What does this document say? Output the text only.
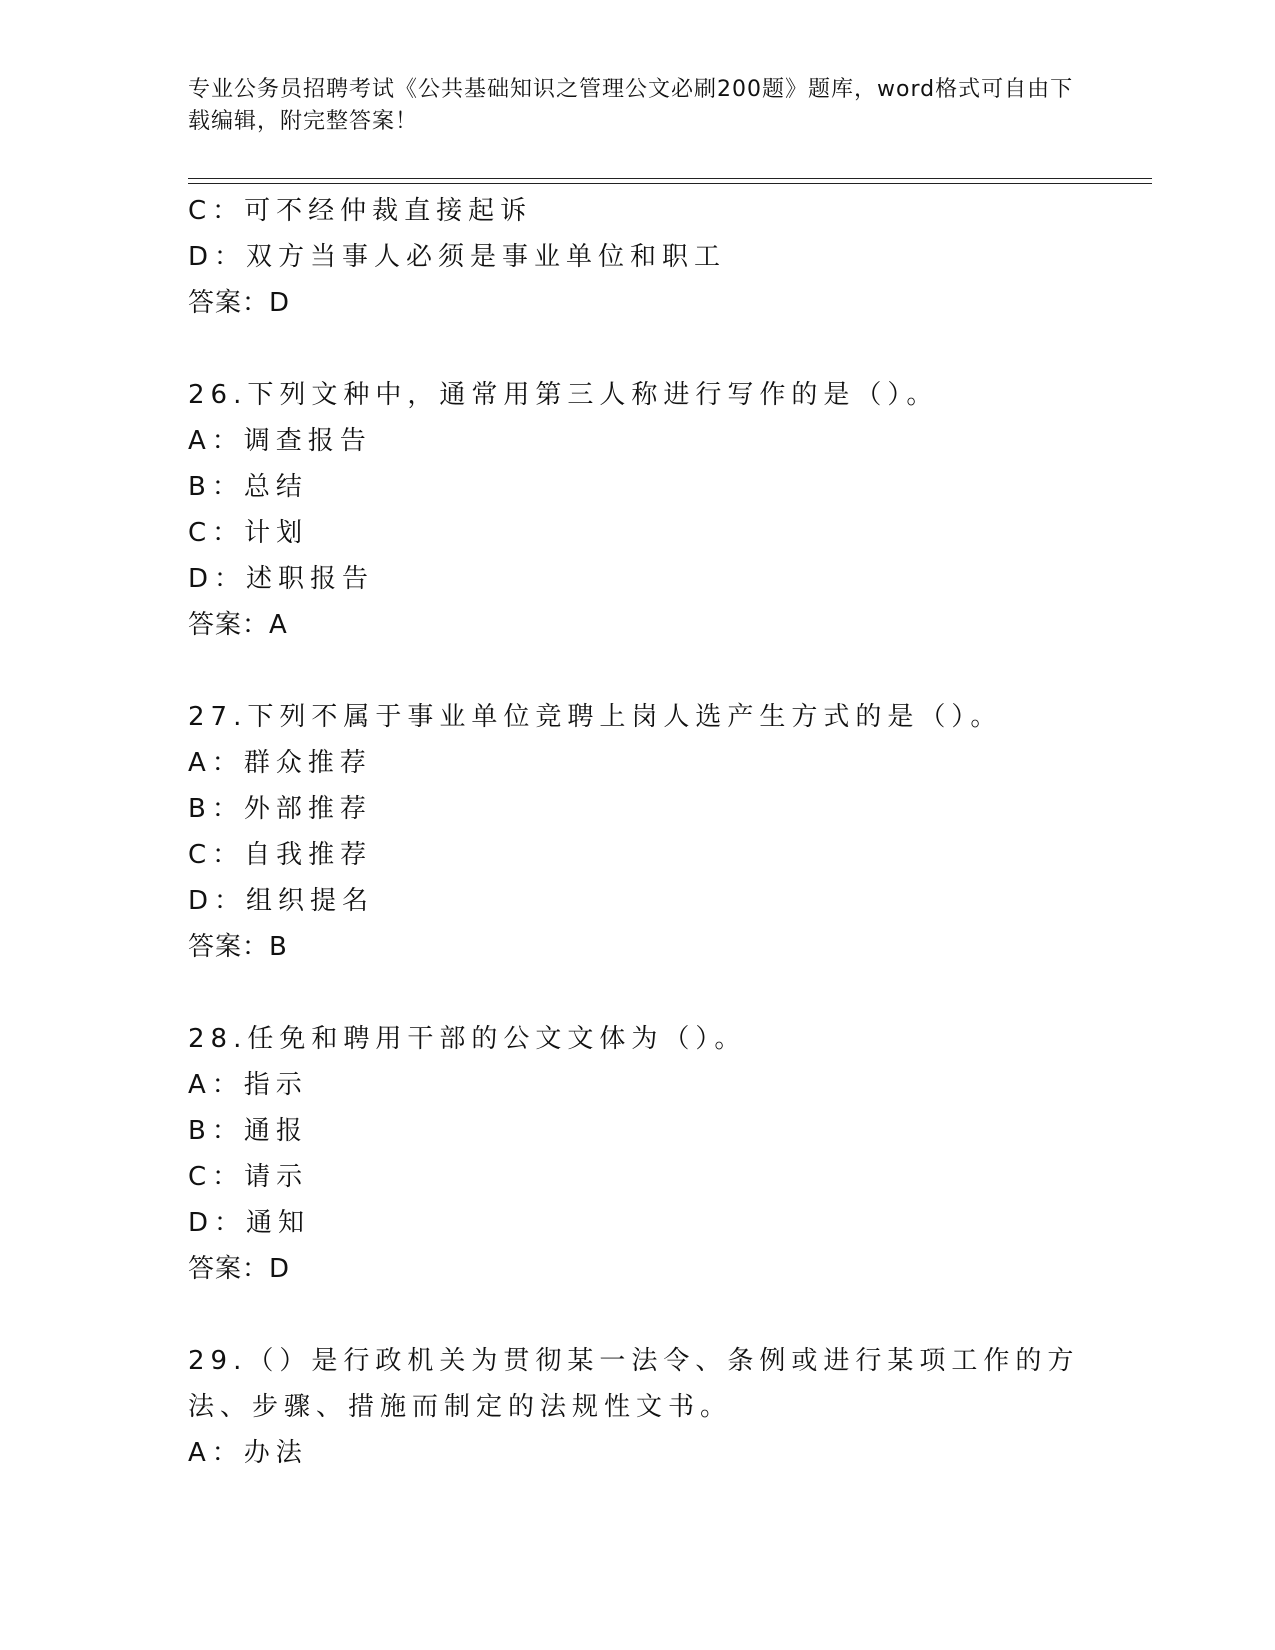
专业公务员招聘考试《公共基础知识之管理公文必刷200题》题库，word格式可自由下载编辑，附完整答案！
C：可不经仲裁直接起诉
D：双方当事人必须是事业单位和职工
答案：D
26.下列文种中，通常用第三人称进行写作的是（）。
A：调查报告
B：总结
C：计划
D：述职报告
答案：A
27.下列不属于事业单位竞聘上岗人选产生方式的是（）。
A：群众推荐
B：外部推荐
C：自我推荐
D：组织提名
答案：B
28.任免和聘用干部的公文文体为（）。
A：指示
B：通报
C：请示
D：通知
答案：D
29.（）是行政机关为贯彻某一法令、条例或进行某项工作的方法、步骤、措施而制定的法规性文书。
A：办法
